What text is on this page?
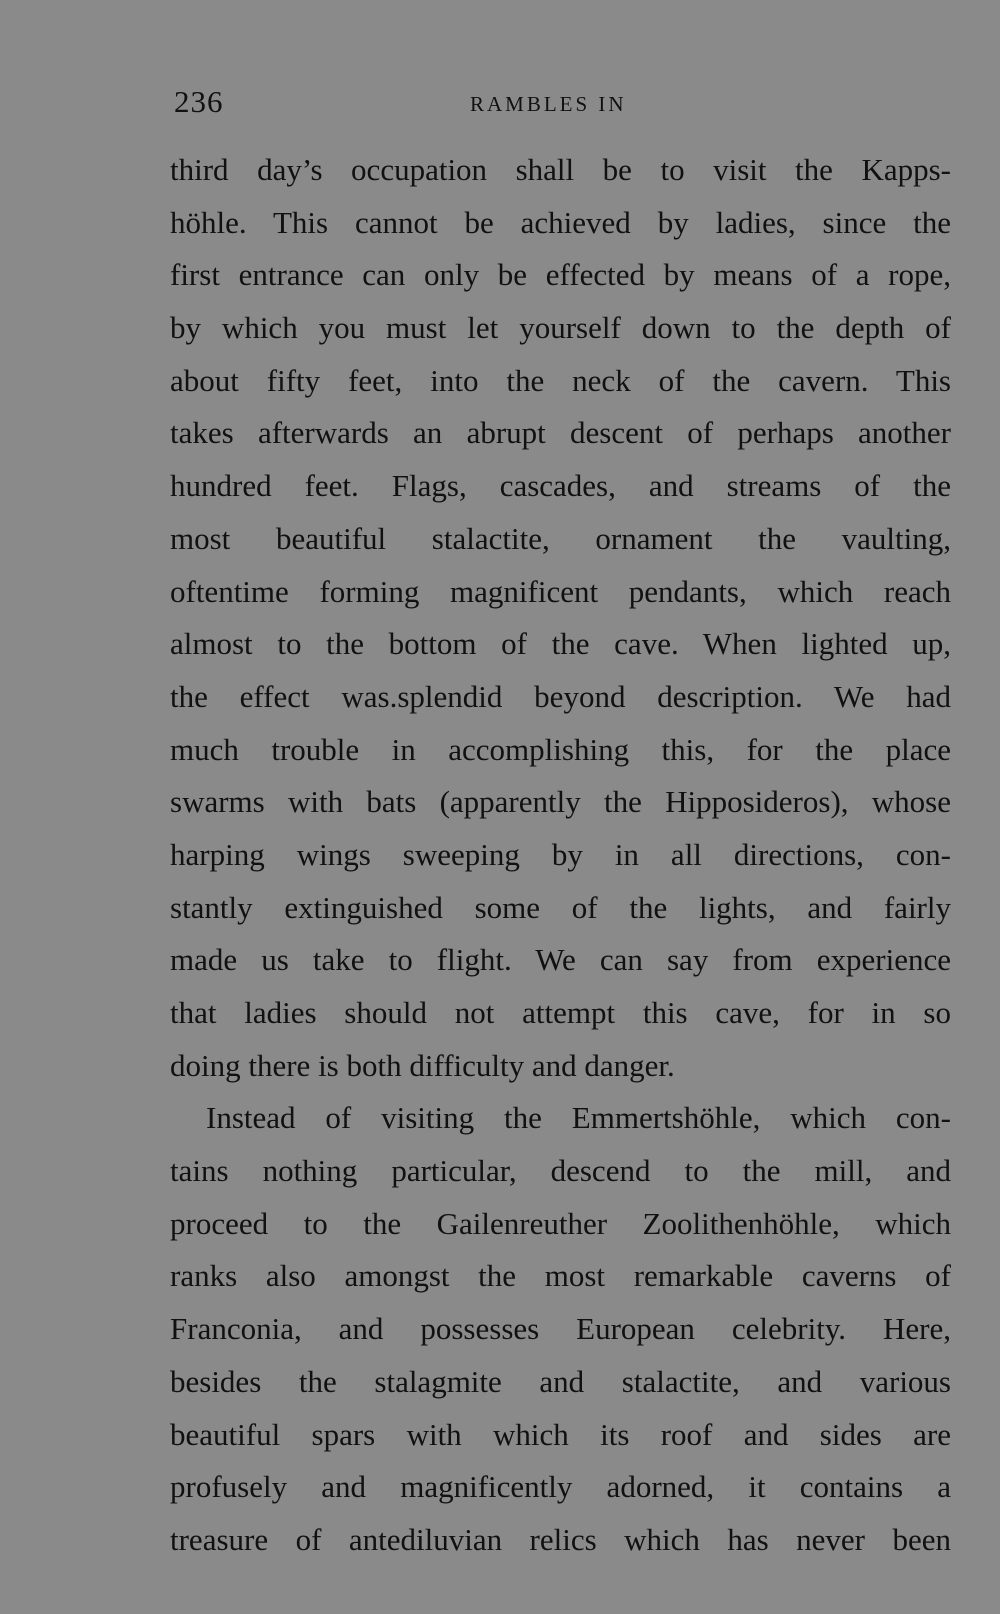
236	RAMBLES IN
third day’s occupation shall be to visit the Kapps-
höhle. This cannot be achieved by ladies, since the
first entrance can only be effected by means of a rope,
by which you must let yourself down to the depth of
about fifty feet, into the neck of the cavern. This
takes afterwards an abrupt descent of perhaps another
hundred feet. Flags, cascades, and streams of the
most beautiful stalactite, ornament the vaulting,
oftentime forming magnificent pendants, which reach
almost to the bottom of the cave. When lighted up,
the effect was.splendid beyond description. We had
much trouble in accomplishing this, for the place
swarms with bats (apparently the Hipposideros), whose
harping wings sweeping by in all directions, con-
stantly extinguished some of the lights, and fairly
made us take to flight. We can say from experience
that ladies should not attempt this cave, for in so
doing there is both difficulty and danger.
Instead of visiting the Emmertshöhle, which con-
tains nothing particular, descend to the mill, and
proceed to the Gailenreuther Zoolithenhöhle, which
ranks also amongst the most remarkable caverns of
Franconia, and possesses European celebrity. Here,
besides the stalagmite and stalactite, and various
beautiful spars with which its roof and sides are
profusely and magnificently adorned, it contains a
treasure of antediluvian relics which has never been
